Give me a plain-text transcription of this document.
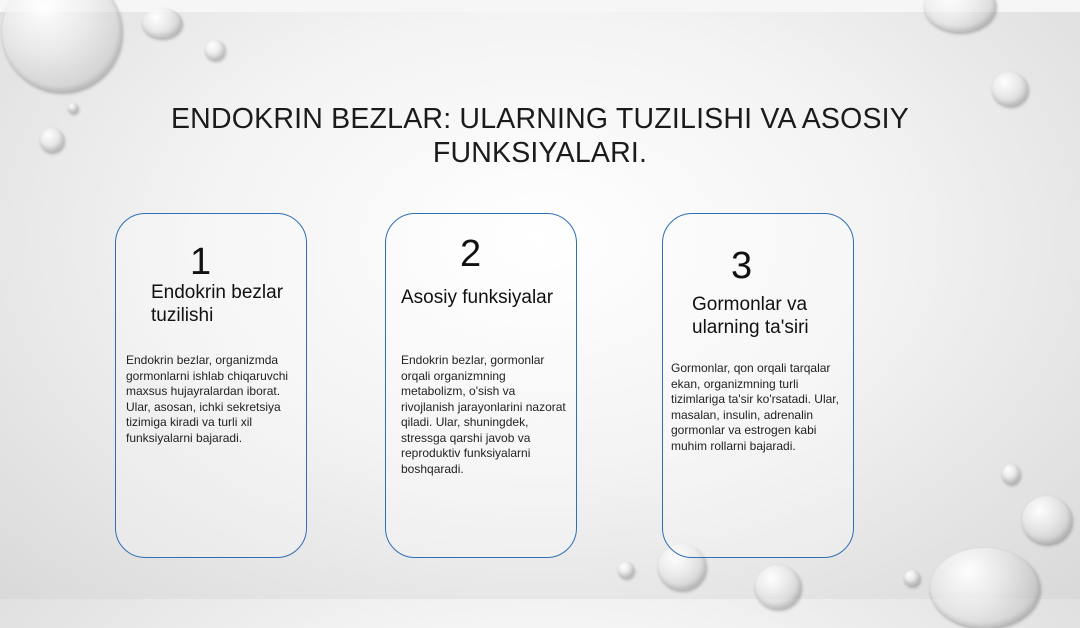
ENDOKRIN BEZLAR: ULARNING TUZILISHI VA ASOSIY FUNKSIYALARI.
1
Endokrin bezlar tuzilishi
Endokrin bezlar, organizmda gormonlarni ishlab chiqaruvchi maxsus hujayralardan iborat. Ular, asosan, ichki sekretsiya tizimiga kiradi va turli xil funksiyalarni bajaradi.
2
Asosiy funksiyalar
Endokrin bezlar, gormonlar orqali organizmning metabolizm, o'sish va rivojlanish jarayonlarini nazorat qiladi. Ular, shuningdek, stressga qarshi javob va reproduktiv funksiyalarni boshqaradi.
3
Gormonlar va ularning ta'siri
Gormonlar, qon orqali tarqalar ekan, organizmning turli tizimlariga ta'sir ko'rsatadi. Ular, masalan, insulin, adrenalin gormonlar va estrogen kabi muhim rollarni bajaradi.
